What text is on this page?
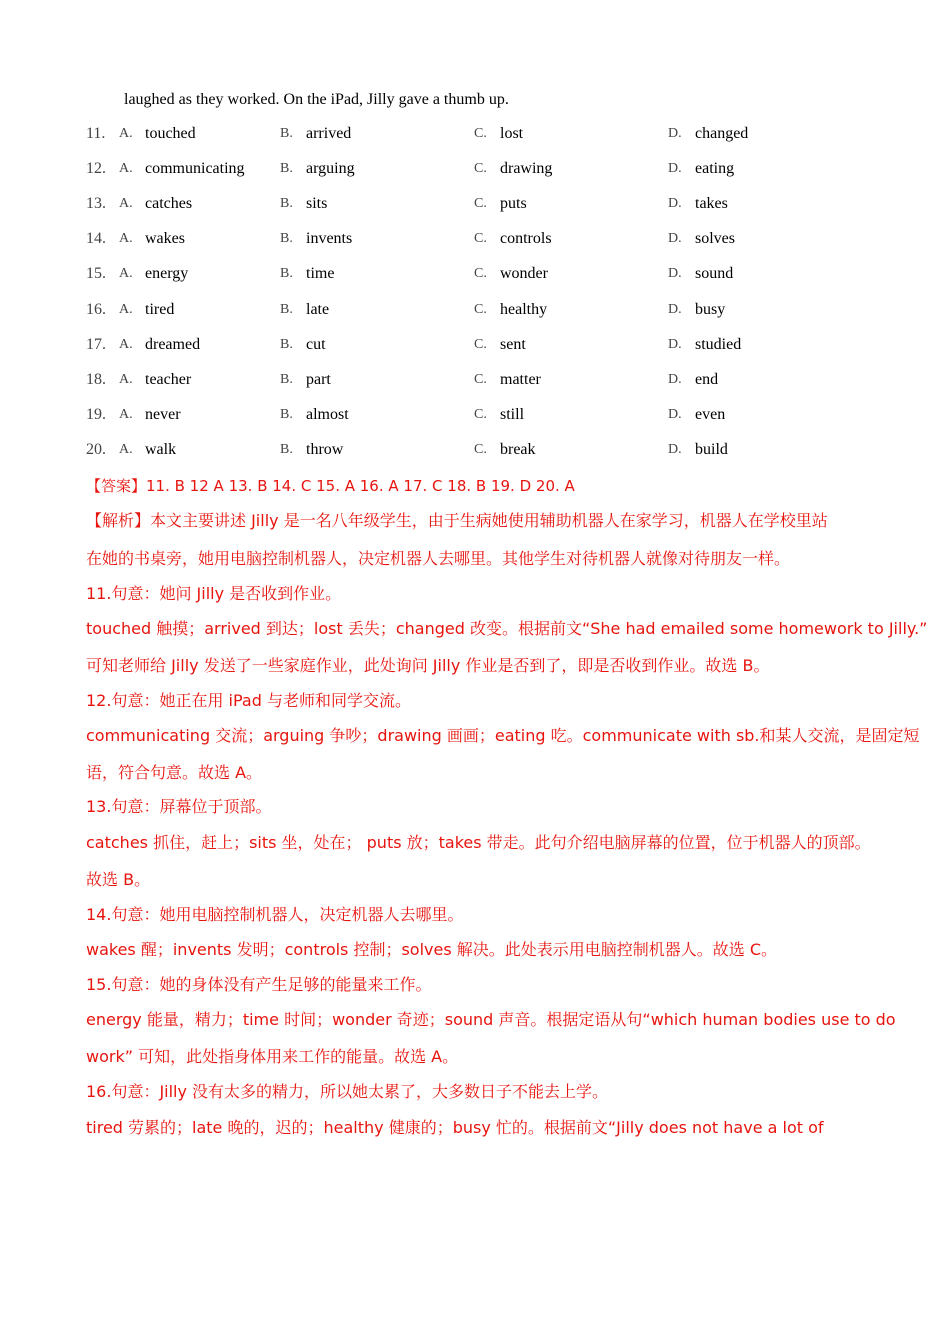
laughed as they worked. On the iPad, Jilly gave a thumb up.
11. A. touched	B. arrived	C. lost	D. changed
12. A. communicating	B. arguing	C. drawing	D. eating
13. A. catches	B. sits	C. puts	D. takes
14. A. wakes	B. invents	C. controls	D. solves
15. A. energy	B. time	C. wonder	D. sound
16. A. tired	B. late	C. healthy	D. busy
17. A. dreamed	B. cut	C. sent	D. studied
18. A. teacher	B. part	C. matter	D. end
19. A. never	B. almost	C. still	D. even
20. A. walk	B. throw	C. break	D. build
【答案】11. B 12 A 13. B 14. C 15. A 16. A 17. C 18. B 19. D 20. A
【解析】本文主要讲述 Jilly 是一名八年级学生，由于生病她使用辅助机器人在家学习，机器人在学校里站
在她的书桌旁，她用电脑控制机器人，决定机器人去哪里。其他学生对待机器人就像对待朋友一样。
11.句意：她问 Jilly 是否收到作业。
touched 触摸；arrived 到达；lost 丢失；changed 改变。根据前文“She had emailed some homework to Jilly.”
可知老师给 Jilly 发送了一些家庭作业，此处询问 Jilly 作业是否到了，即是否收到作业。故选 B。
12.句意：她正在用 iPad 与老师和同学交流。
communicating 交流；arguing 争吵；drawing 画画；eating 吃。communicate with sb.和某人交流，是固定短
语，符合句意。故选 A。
13.句意：屏幕位于顶部。
catches 抓住，赶上；sits 坐，处在； puts 放；takes 带走。此句介绍电脑屏幕的位置，位于机器人的顶部。
故选 B。
14.句意：她用电脑控制机器人，决定机器人去哪里。
wakes 醒；invents 发明；controls 控制；solves 解决。此处表示用电脑控制机器人。故选 C。
15.句意：她的身体没有产生足够的能量来工作。
energy 能量，精力；time 时间；wonder 奇迹；sound 声音。根据定语从句“which human bodies use to do
work” 可知，此处指身体用来工作的能量。故选 A。
16.句意：Jilly 没有太多的精力，所以她太累了，大多数日子不能去上学。
tired 劳累的；late 晚的，迟的；healthy 健康的；busy 忙的。根据前文“Jilly does not have a lot of
